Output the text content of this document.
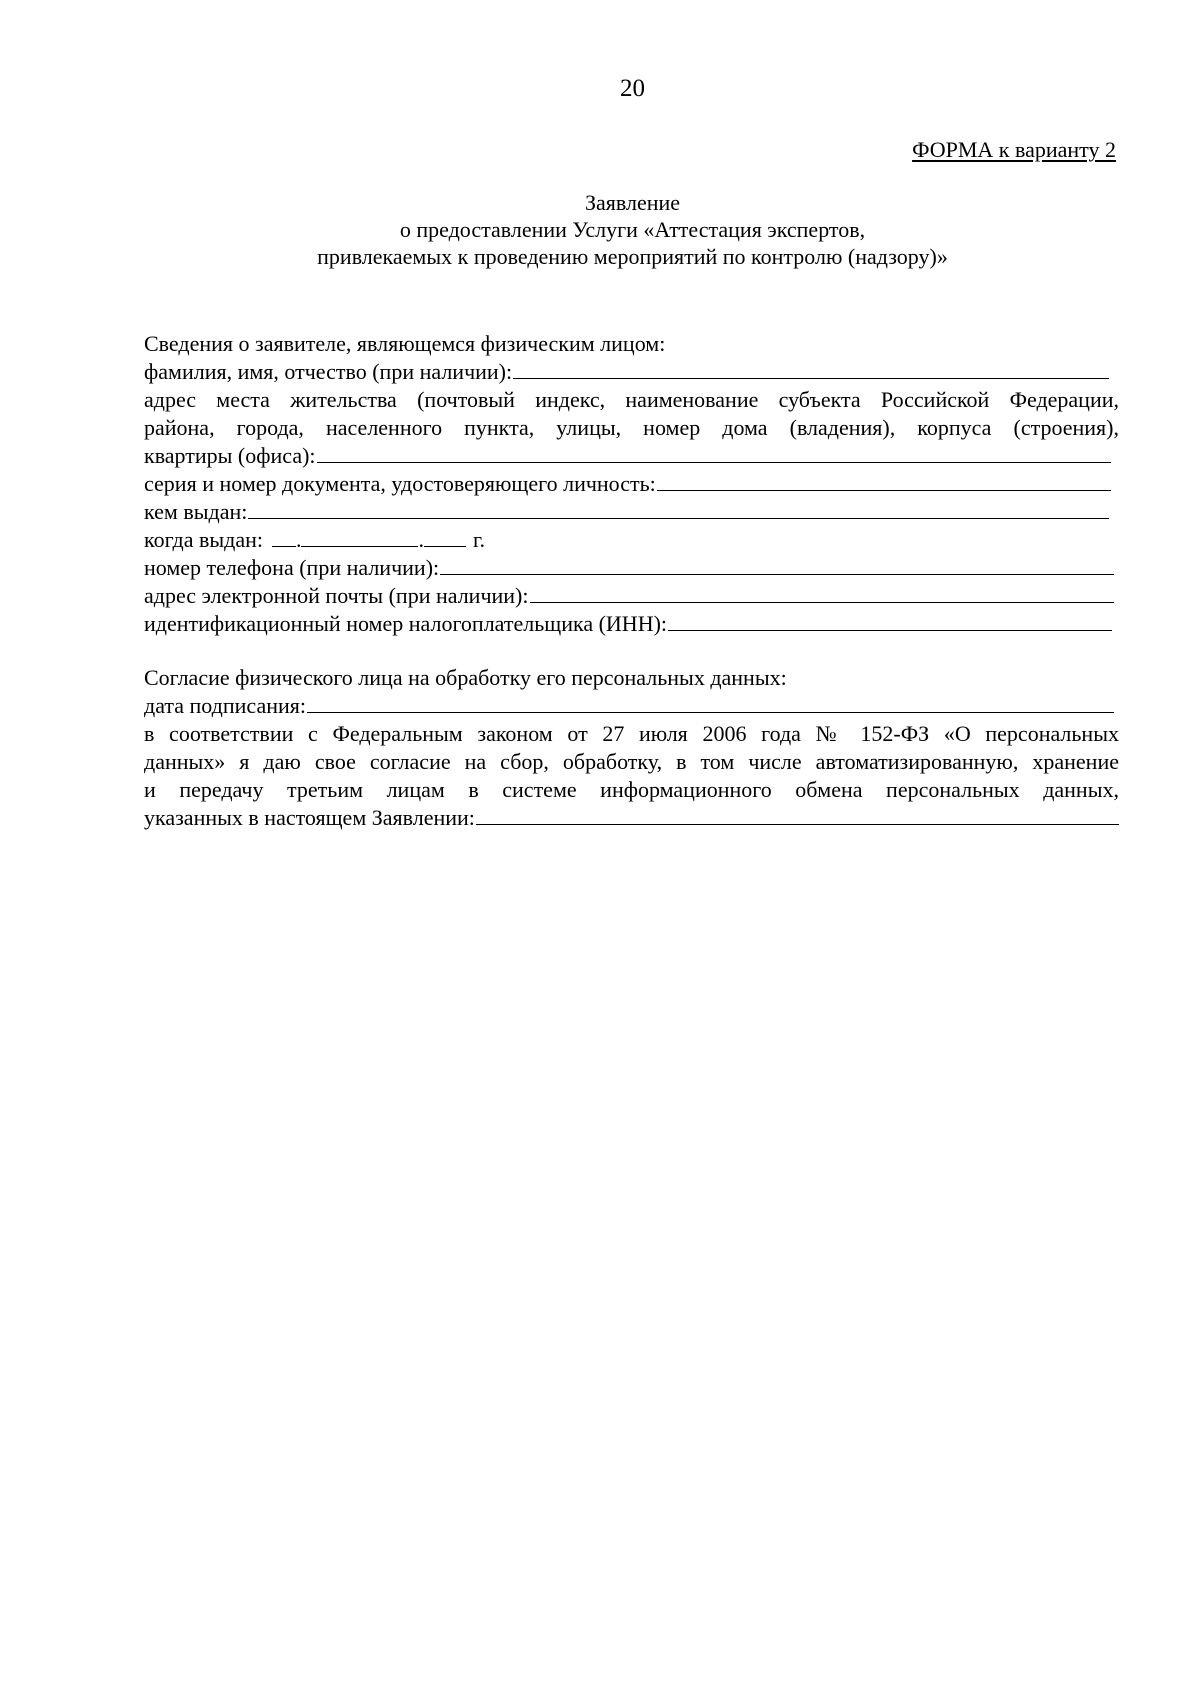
20
ФОРМА к варианту 2
Заявление
о предоставлении Услуги «Аттестация экспертов,
привлекаемых к проведению мероприятий по контролю (надзору)»
Сведения о заявителе, являющемся физическим лицом:
фамилия, имя, отчество (при наличии):
адрес места жительства (почтовый индекс, наименование субъекта Российской Федерации,
района, города, населенного пункта, улицы, номер дома (владения), корпуса (строения),
квартиры (офиса):
серия и номер документа, удостоверяющего личность:
кем выдан:
когда выдан: .	. г.
номер телефона (при наличии):
адрес электронной почты (при наличии):
идентификационный номер налогоплательщика (ИНН):
Согласие физического лица на обработку его персональных данных:
дата подписания:
в соответствии с Федеральным законом от 27 июля 2006 года № 152-ФЗ «О персональных
данных» я даю свое согласие на сбор, обработку, в том числе автоматизированную, хранение
и передачу третьим лицам в системе информационного обмена персональных данных,
указанных в настоящем Заявлении:
